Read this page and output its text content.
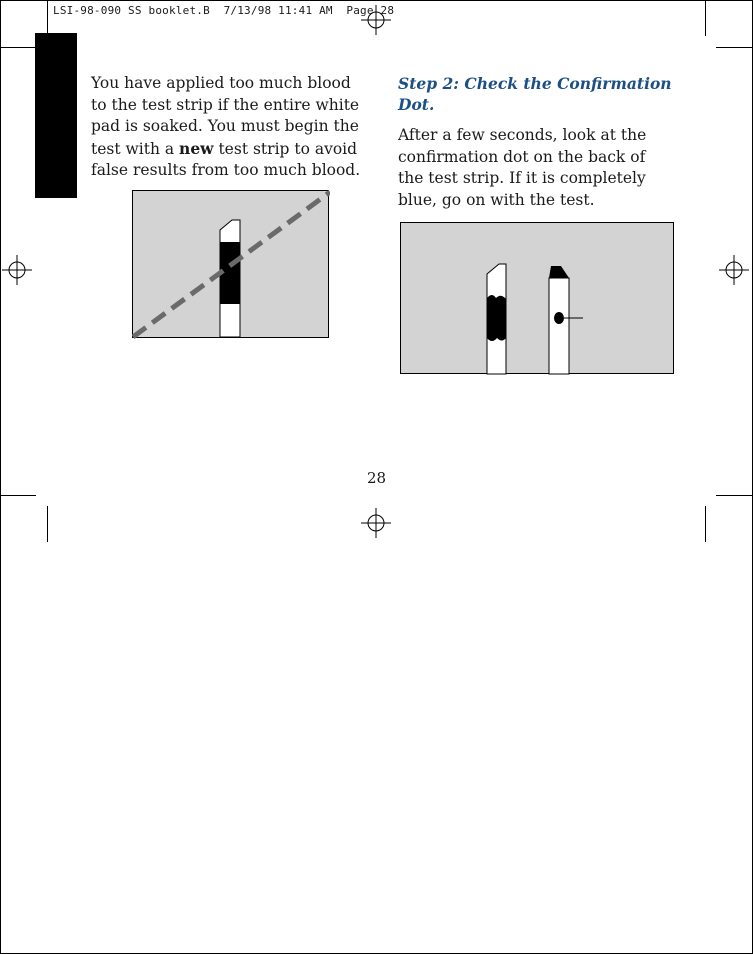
LSI-98-090 SS booklet.B 7/13/98 11:41 AM Page 28

You have applied too much blood to the test strip if the entire white pad is soaked. You must begin the test with a new test strip to avoid false results from too much blood.

Step 2: Check the Confirmation Dot.

After a few seconds, look at the confirmation dot on the back of the test strip. If it is completely blue, go on with the test.

28
